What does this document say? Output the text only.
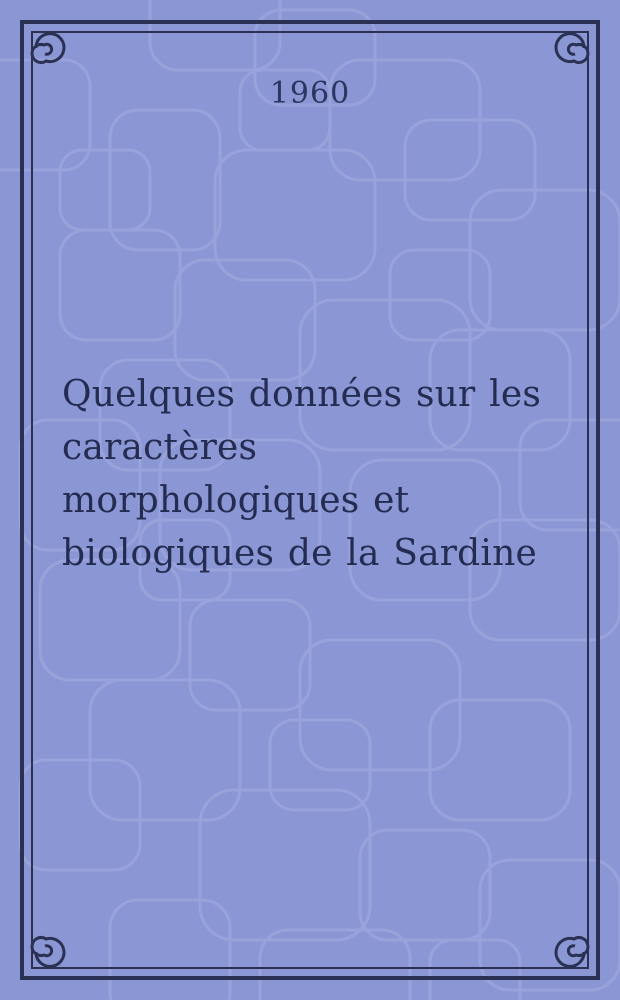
1960
Quelques données sur les caractères morphologiques et biologiques de la Sardine
